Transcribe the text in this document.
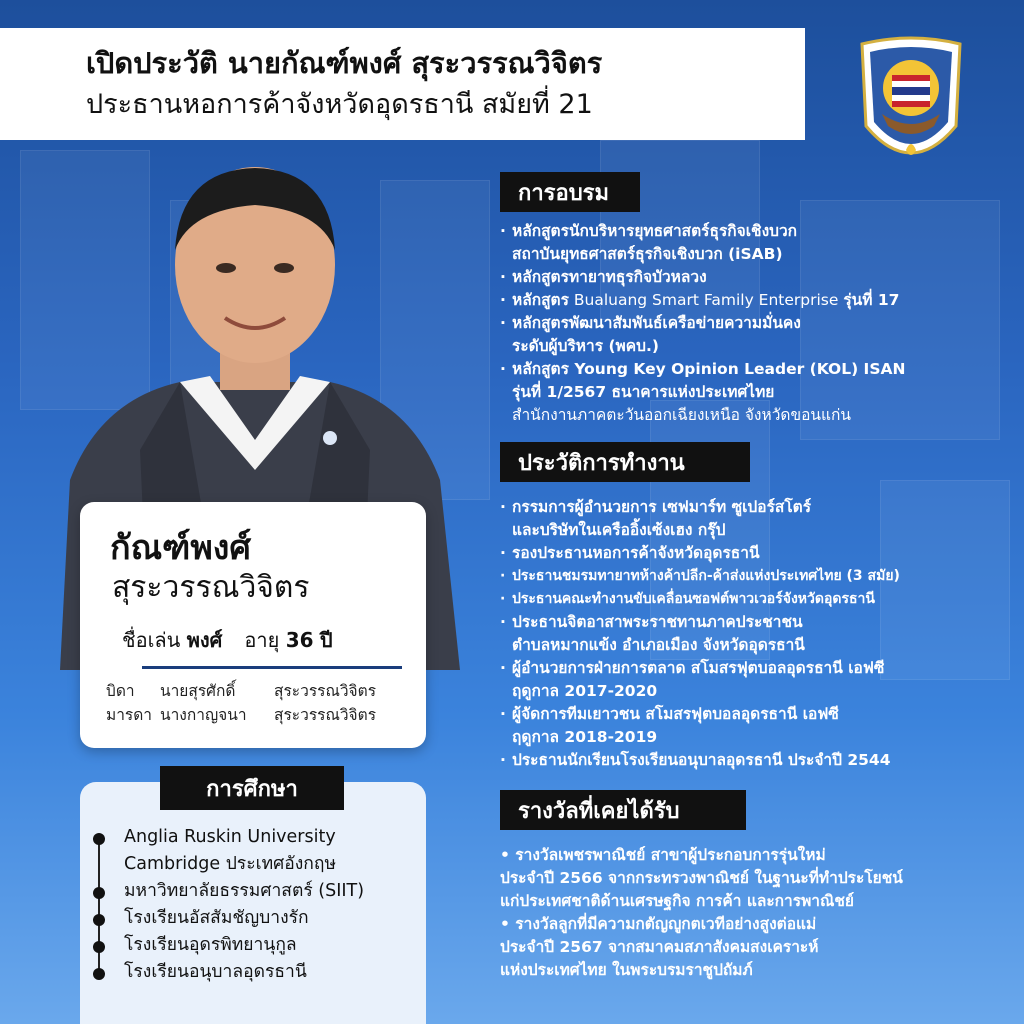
เปิดประวัติ นายกัณฑ์พงศ์ สุระวรรณวิจิตร
ประธานหอการค้าจังหวัดอุดรธานี สมัยที่ 21
กัณฑ์พงศ์
สุระวรรณวิจิตร
ชื่อเล่น พงศ์ อายุ 36 ปี
บิดา	นายสุรศักดิ์	สุระวรรณวิจิตร
มารดา นางกาญจนา	สุระวรรณวิจิตร
Anglia Ruskin University
Cambridge ประเทศอังกฤษ
มหาวิทยาลัยธรรมศาสตร์ (SIIT)
โรงเรียนอัสสัมชัญบางรัก
โรงเรียนอุดรพิทยานุกูล
โรงเรียนอนุบาลอุดรธานี
การศึกษา
การอบรม
· หลักสูตรนักบริหารยุทธศาสตร์ธุรกิจเชิงบวก
สถาบันยุทธศาสตร์ธุรกิจเชิงบวก (iSAB)
· หลักสูตรทายาทธุรกิจบัวหลวง
· หลักสูตร Bualuang Smart Family Enterprise รุ่นที่ 17
· หลักสูตรพัฒนาสัมพันธ์เครือข่ายความมั่นคง
ระดับผู้บริหาร (พคบ.)
· หลักสูตร Young Key Opinion Leader (KOL) ISAN
รุ่นที่ 1/2567 ธนาคารแห่งประเทศไทย
สำนักงานภาคตะวันออกเฉียงเหนือ จังหวัดขอนแก่น
ประวัติการทำงาน
· กรรมการผู้อำนวยการ เซฟมาร์ท ซูเปอร์สโตร์
และบริษัทในเครืออิ้งเซ้งเฮง กรุ๊ป
· รองประธานหอการค้าจังหวัดอุดรธานี
· ประธานชมรมทายาทห้างค้าปลีก-ค้าส่งแห่งประเทศไทย (3 สมัย)
· ประธานคณะทำงานขับเคลื่อนซอฟต์พาวเวอร์จังหวัดอุดรธานี
· ประธานจิตอาสาพระราชทานภาคประชาชน
ตำบลหมากแข้ง อำเภอเมือง จังหวัดอุดรธานี
· ผู้อำนวยการฝ่ายการตลาด สโมสรฟุตบอลอุดรธานี เอฟซี
ฤดูกาล 2017-2020
· ผู้จัดการทีมเยาวชน สโมสรฟุตบอลอุดรธานี เอฟซี
ฤดูกาล 2018-2019
· ประธานนักเรียนโรงเรียนอนุบาลอุดรธานี ประจำปี 2544
รางวัลที่เคยได้รับ
• รางวัลเพชรพาณิชย์ สาขาผู้ประกอบการรุ่นใหม่
ประจำปี 2566 จากกระทรวงพาณิชย์ ในฐานะที่ทำประโยชน์
แก่ประเทศชาติด้านเศรษฐกิจ การค้า และการพาณิชย์
• รางวัลลูกที่มีความกตัญญูกตเวทีอย่างสูงต่อแม่
ประจำปี 2567 จากสมาคมสภาสังคมสงเคราะห์
แห่งประเทศไทย ในพระบรมราชูปถัมภ์
